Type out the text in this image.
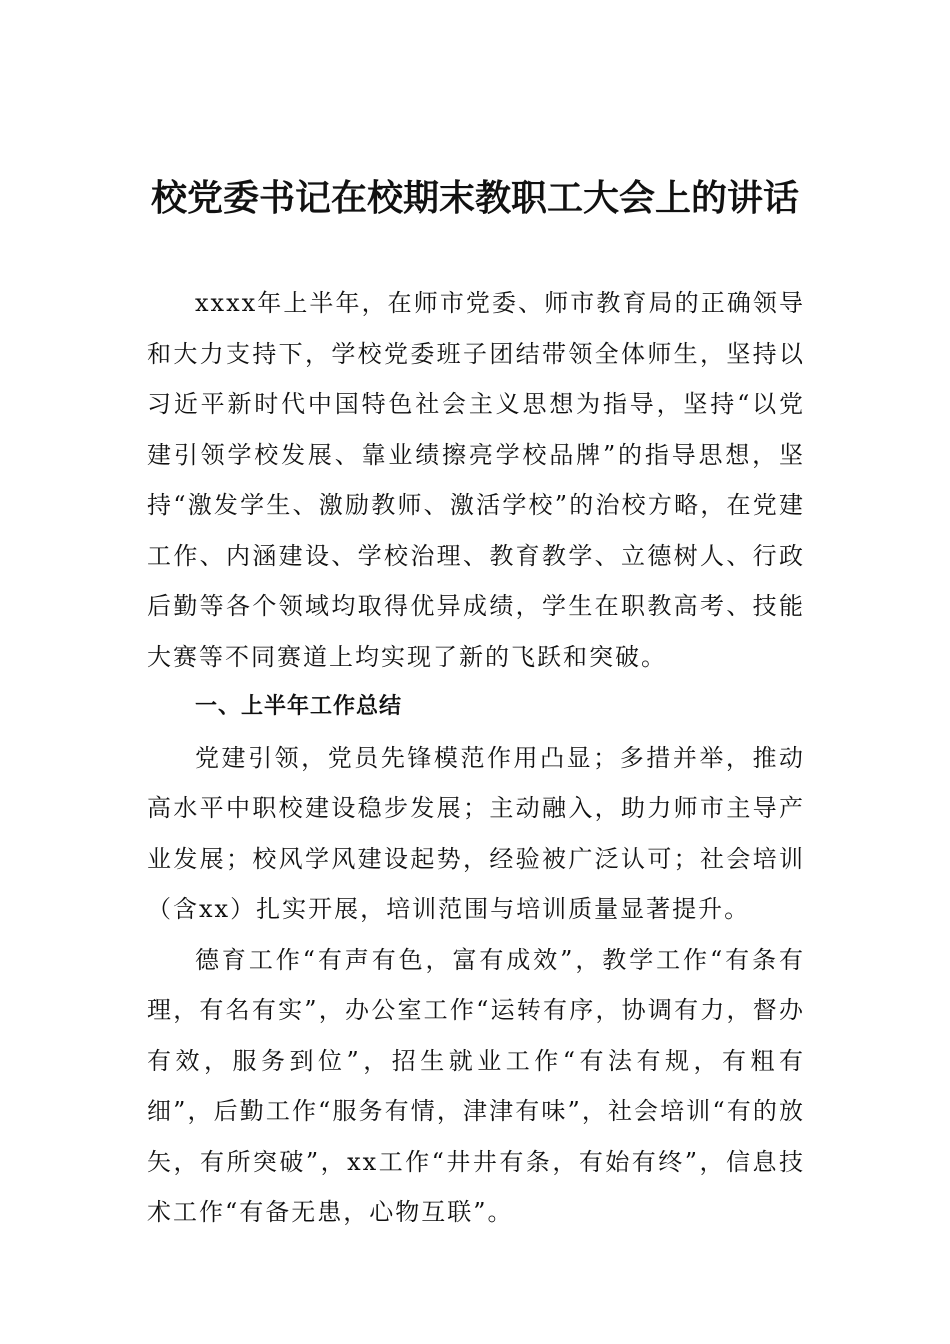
校党委书记在校期末教职工大会上的讲话

xxxx年上半年，在师市党委、师市教育局的正确领导和大力支持下，学校党委班子团结带领全体师生，坚持以习近平新时代中国特色社会主义思想为指导，坚持“以党建引领学校发展、靠业绩擦亮学校品牌”的指导思想，坚持“激发学生、激励教师、激活学校”的治校方略，在党建工作、内涵建设、学校治理、教育教学、立德树人、行政后勤等各个领域均取得优异成绩，学生在职教高考、技能大赛等不同赛道上均实现了新的飞跃和突破。

一、上半年工作总结

党建引领，党员先锋模范作用凸显；多措并举，推动高水平中职校建设稳步发展；主动融入，助力师市主导产业发展；校风学风建设起势，经验被广泛认可；社会培训（含xx）扎实开展，培训范围与培训质量显著提升。

德育工作“有声有色，富有成效”，教学工作“有条有理，有名有实”，办公室工作“运转有序，协调有力，督办有效，服务到位”，招生就业工作“有法有规，有粗有细”，后勤工作“服务有情，津津有味”，社会培训“有的放矢，有所突破”，xx工作“井井有条，有始有终”，信息技术工作“有备无患，心物互联”。
